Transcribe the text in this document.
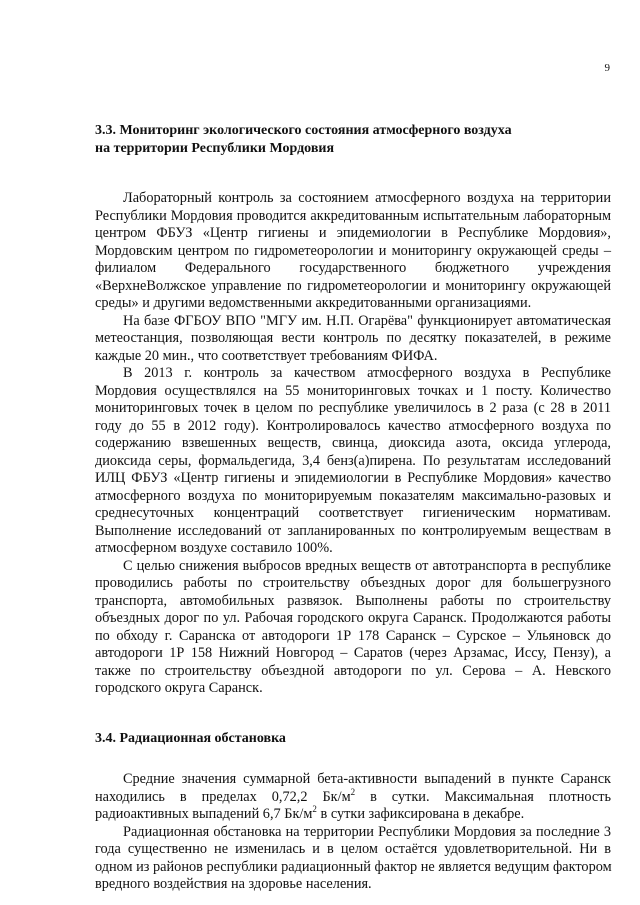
9
3.3. Мониторинг экологического состояния атмосферного воздуха
на территории Республики Мордовия
Лабораторный контроль за состоянием атмосферного воздуха на территории
Республики Мордовия проводится аккредитованным испытательным лабораторным
центром ФБУЗ «Центр гигиены и эпидемиологии в Республике Мордовия»,
Мордовским центром по гидрометеорологии и мониторингу окружающей среды –
филиалом Федерального государственного бюджетного учреждения
«ВерхнеВолжское управление по гидрометеорологии и мониторингу окружающей
среды» и другими ведомственными аккредитованными организациями.
На базе ФГБОУ ВПО "МГУ им. Н.П. Огарёва" функционирует автоматическая
метеостанция, позволяющая вести контроль по десятку показателей, в режиме
каждые 20 мин., что соответствует требованиям ФИФА.
В 2013 г. контроль за качеством атмосферного воздуха в Республике
Мордовия осуществлялся на 55 мониторинговых точках и 1 посту. Количество
мониторинговых точек в целом по республике увеличилось в 2 раза (с 28 в 2011
году до 55 в 2012 году). Контролировалось качество атмосферного воздуха по
содержанию взвешенных веществ, свинца, диоксида азота, оксида углерода,
диоксида серы, формальдегида, 3,4 бенз(а)пирена. По результатам исследований
ИЛЦ ФБУЗ «Центр гигиены и эпидемиологии в Республике Мордовия» качество
атмосферного воздуха по мониторируемым показателям максимально-разовых и
среднесуточных концентраций соответствует гигиеническим нормативам.
Выполнение исследований от запланированных по контролируемым веществам в
атмосферном воздухе составило 100%.
С целью снижения выбросов вредных веществ от автотранспорта в республике
проводились работы по строительству объездных дорог для большегрузного
транспорта, автомобильных развязок. Выполнены работы по строительству
объездных дорог по ул. Рабочая городского округа Саранск. Продолжаются работы
по обходу г. Саранска от автодороги 1Р 178 Саранск – Сурское – Ульяновск до
автодороги 1Р 158 Нижний Новгород – Саратов (через Арзамас, Иссу, Пензу), а
также по строительству объездной автодороги по ул. Серова – А. Невского
городского округа Саранск.
3.4. Радиационная обстановка
Средние значения суммарной бета-активности выпадений в пункте Саранск
находились в пределах 0,72,2 $Бк/м^2$ в сутки. Максимальная плотность
радиоактивных выпадений 6,7 $Бк/м^2$ в сутки зафиксирована в декабре.
Радиационная обстановка на территории Республики Мордовия за последние 3
года существенно не изменилась и в целом остаётся удовлетворительной. Ни в
одном из районов республики радиационный фактор не является ведущим фактором
вредного воздействия на здоровье населения.
